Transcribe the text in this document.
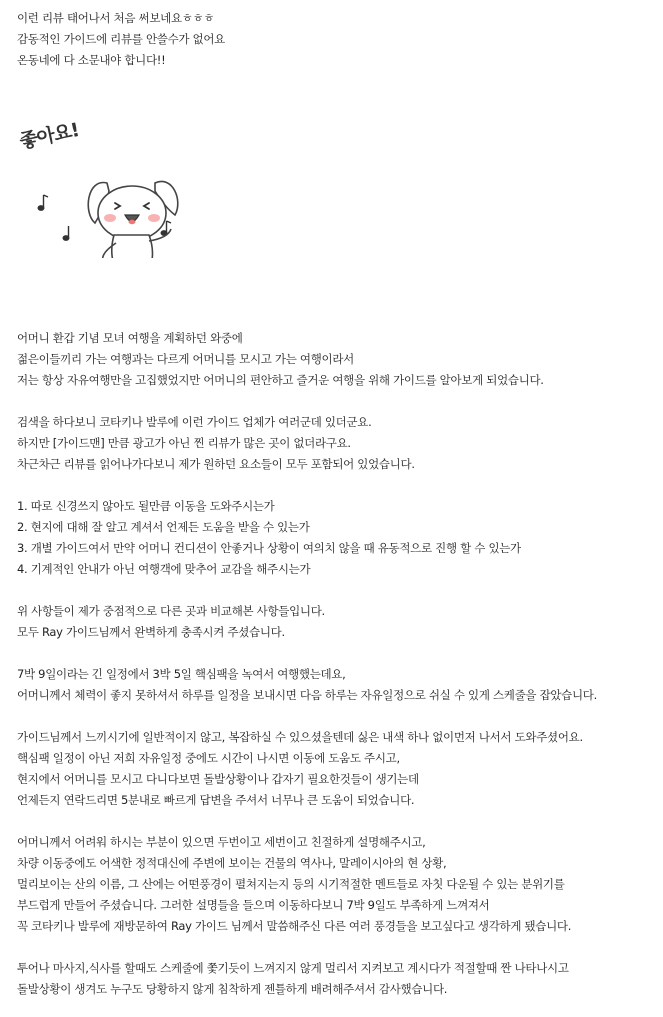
이런 리뷰 태어나서 처음 써보네요ㅎㅎㅎ
감동적인 가이드에 리뷰를 안쓸수가 없어요
온동네에 다 소문내야 합니다!!
좋아요!
어머니 환갑 기념 모녀 여행을 계획하던 와중에
젊은이들끼리 가는 여행과는 다르게 어머니를 모시고 가는 여행이라서
저는 항상 자유여행만을 고집했었지만 어머니의 편안하고 즐거운 여행을 위해 가이드를 알아보게 되었습니다.
검색을 하다보니 코타키나 발루에 이런 가이드 업체가 여러군데 있더군요.
하지만 [가이드맨] 만큼 광고가 아닌 찐 리뷰가 많은 곳이 없더라구요.
차근차근 리뷰를 읽어나가다보니 제가 원하던 요소들이 모두 포함되어 있었습니다.
1. 따로 신경쓰지 않아도 될만큼 이동을 도와주시는가
2. 현지에 대해 잘 알고 계셔서 언제든 도움을 받을 수 있는가
3. 개별 가이드여서 만약 어머니 컨디션이 안좋거나 상황이 여의치 않을 때 유동적으로 진행 할 수 있는가
4. 기계적인 안내가 아닌 여행객에 맞추어 교감을 해주시는가
위 사항들이 제가 중점적으로 다른 곳과 비교해본 사항들입니다.
모두 Ray 가이드님께서 완벽하게 충족시켜 주셨습니다.
7박 9일이라는 긴 일정에서 3박 5일 핵심팩을 녹여서 여행했는데요,
어머니께서 체력이 좋지 못하셔서 하루를 일정을 보내시면 다음 하루는 자유일정으로 쉬실 수 있게 스케줄을 잡았습니다.
가이드님께서 느끼시기에 일반적이지 않고, 복잡하실 수 있으셨을텐데 싫은 내색 하나 없이먼저 나서서 도와주셨어요.
핵심팩 일정이 아닌 저희 자유일정 중에도 시간이 나시면 이동에 도움도 주시고,
현지에서 어머니를 모시고 다니다보면 돌발상황이나 갑자기 필요한것들이 생기는데
언제든지 연락드리면 5분내로 빠르게 답변을 주셔서 너무나 큰 도움이 되었습니다.
어머니께서 어려워 하시는 부분이 있으면 두번이고 세번이고 친절하게 설명해주시고,
차량 이동중에도 어색한 정적대신에 주변에 보이는 건물의 역사나, 말레이시아의 현 상황,
멀리보이는 산의 이름, 그 산에는 어떤풍경이 펼쳐지는지 등의 시기적절한 멘트들로 자칫 다운될 수 있는 분위기를
부드럽게 만들어 주셨습니다. 그러한 설명들을 들으며 이동하다보니 7박 9일도 부족하게 느껴져서
꼭 코타키나 발루에 재방문하여 Ray 가이드 님께서 말씀해주신 다른 여러 풍경들을 보고싶다고 생각하게 됐습니다.
투어나 마사지,식사를 할때도 스케줄에 쫓기듯이 느껴지지 않게 멀리서 지켜보고 계시다가 적절할때 짠 나타나시고
돌발상황이 생겨도 누구도 당황하지 않게 침착하게 젠틀하게 배려해주셔서 감사했습니다.
